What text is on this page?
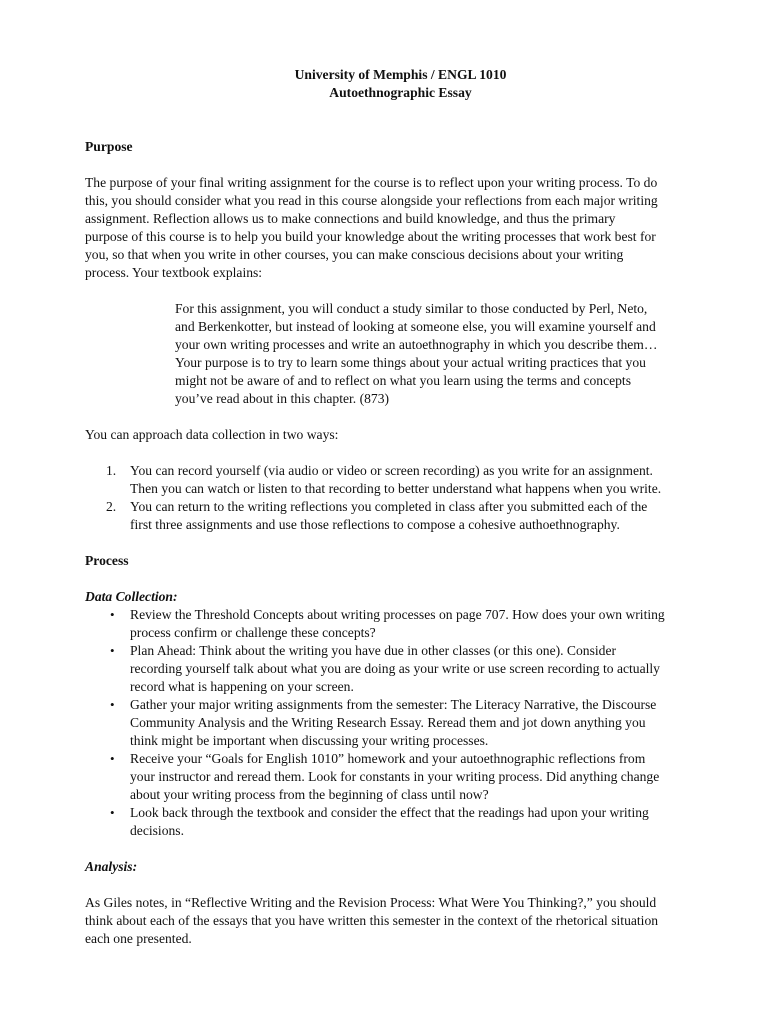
University of Memphis / ENGL 1010
Autoethnographic Essay

Purpose

The purpose of your final writing assignment for the course is to reflect upon your writing process. To do
this, you should consider what you read in this course alongside your reflections from each major writing
assignment. Reflection allows us to make connections and build knowledge, and thus the primary
purpose of this course is to help you build your knowledge about the writing processes that work best for
you, so that when you write in other courses, you can make conscious decisions about your writing
process. Your textbook explains:
For this assignment, you will conduct a study similar to those conducted by Perl, Neto,
and Berkenkotter, but instead of looking at someone else, you will examine yourself and
your own writing processes and write an autoethnography in which you describe them…
Your purpose is to try to learn some things about your actual writing practices that you
might not be aware of and to reflect on what you learn using the terms and concepts
you’ve read about in this chapter. (873)

You can approach data collection in two ways:

1. You can record yourself (via audio or video or screen recording) as you write for an assignment.
Then you can watch or listen to that recording to better understand what happens when you write.
2. You can return to the writing reflections you completed in class after you submitted each of the
first three assignments and use those reflections to compose a cohesive authoethnography.

Process

Data Collection:

• Review the Threshold Concepts about writing processes on page 707. How does your own writing
process confirm or challenge these concepts?
• Plan Ahead: Think about the writing you have due in other classes (or this one). Consider
recording yourself talk about what you are doing as your write or use screen recording to actually
record what is happening on your screen.
• Gather your major writing assignments from the semester: The Literacy Narrative, the Discourse
Community Analysis and the Writing Research Essay. Reread them and jot down anything you
think might be important when discussing your writing processes.
• Receive your “Goals for English 1010” homework and your autoethnographic reflections from
your instructor and reread them. Look for constants in your writing process. Did anything change
about your writing process from the beginning of class until now?
• Look back through the textbook and consider the effect that the readings had upon your writing
decisions.

Analysis:

As Giles notes, in “Reflective Writing and the Revision Process: What Were You Thinking?,” you should
think about each of the essays that you have written this semester in the context of the rhetorical situation
each one presented.
